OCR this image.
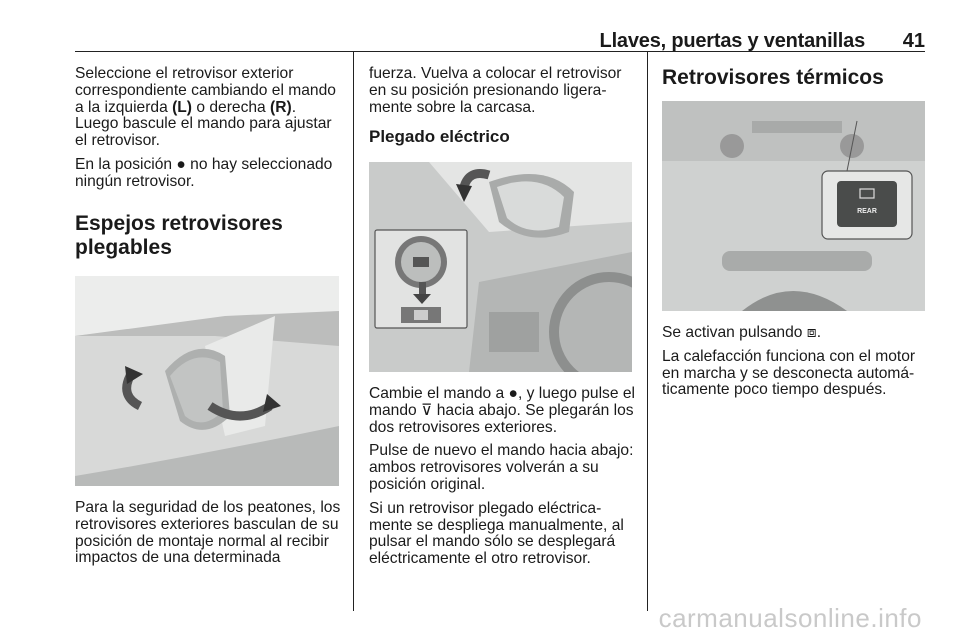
Llaves, puertas y ventanillas 41

Seleccione el retrovisor exterior correspondiente cambiando el mando a la izquierda (L) o derecha (R). Luego bascule el mando para ajustar el retrovisor.

En la posición ● no hay seleccionado ningún retrovisor.

Espejos retrovisores plegables

Para la seguridad de los peatones, los retrovisores exteriores basculan de su posición de montaje normal al recibir impactos de una determinada

fuerza. Vuelva a colocar el retrovisor en su posición presionando ligera-mente sobre la carcasa.

Plegado eléctrico

Cambie el mando a ●, y luego pulse el mando ⊽ hacia abajo. Se plegarán los dos retrovisores exteriores.

Pulse de nuevo el mando hacia abajo: ambos retrovisores volverán a su posición original.

Si un retrovisor plegado eléctrica-mente se despliega manualmente, al pulsar el mando sólo se desplegará eléctricamente el otro retrovisor.

Retrovisores térmicos
REAR

Se activan pulsando ⧈.

La calefacción funciona con el motor en marcha y se desconecta automá-ticamente poco tiempo después.

carmanualsonline.info
